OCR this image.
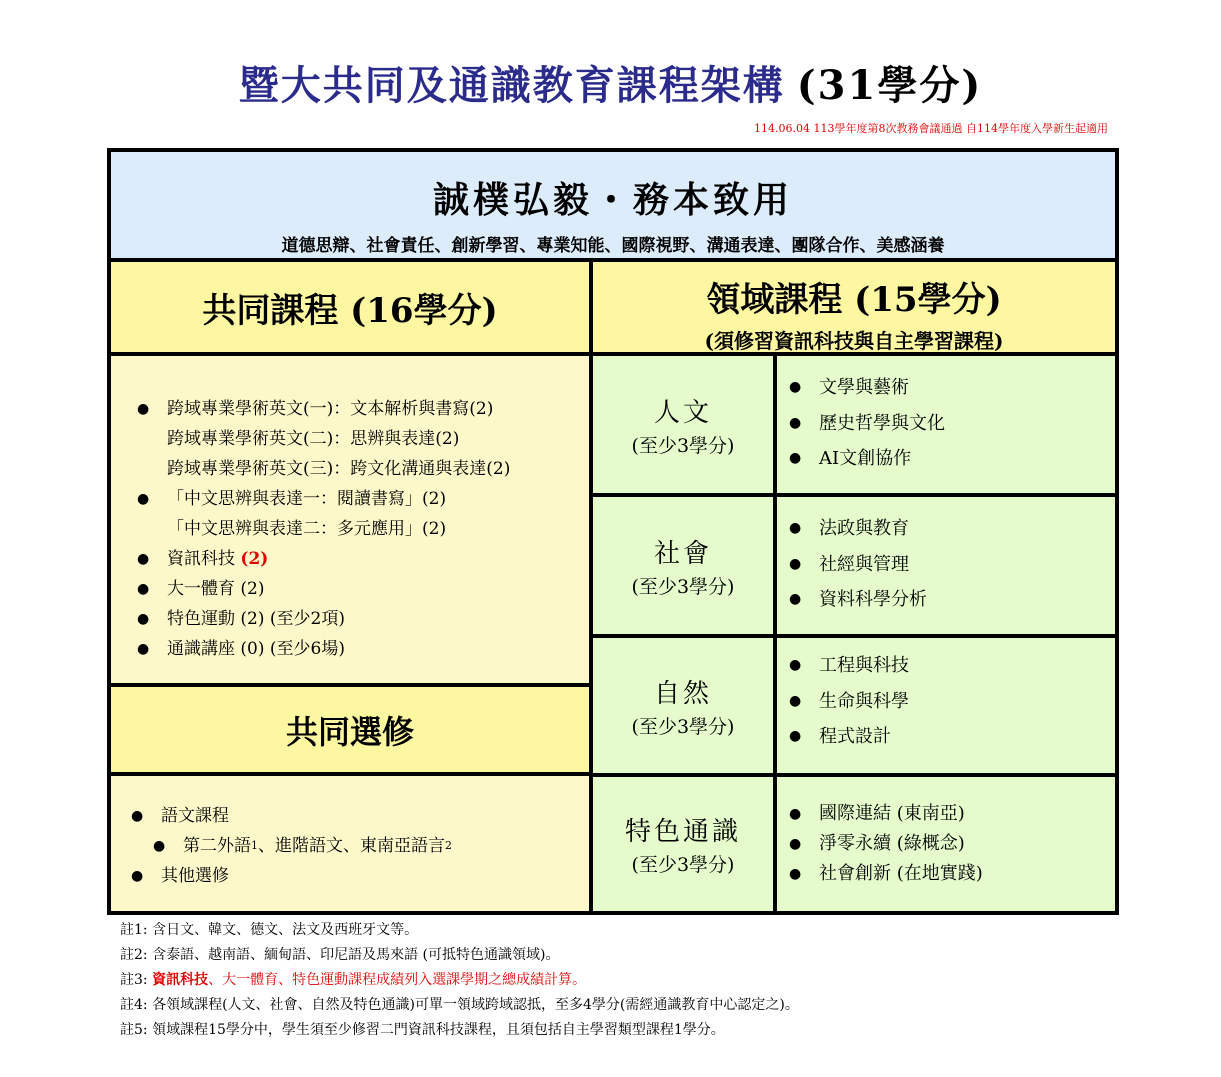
暨大共同及通識教育課程架構 (31學分)
114.06.04 113學年度第8次教務會議通過 自114學年度入學新生起適用
誠樸弘毅・務本致用
道德思辯、社會責任、創新學習、專業知能、國際視野、溝通表達、團隊合作、美感涵養
共同課程 (16學分)	領域課程 (15學分)
(須修習資訊科技與自主學習課程)
●	跨域專業學術英文(一)：文本解析與書寫(2)
跨域專業學術英文(二)：思辨與表達(2)
跨域專業學術英文(三)：跨文化溝通與表達(2)
●	「中文思辨與表達一：閱讀書寫」(2)
「中文思辨與表達二：多元應用」(2)
●	資訊科技
(2)
●	大一體育 (2)
●	特色運動 (2) (至少2項)
●	通識講座 (0) (至少6場)
共同選修
●	語文課程
●	第二外語 1 、進階語文、東南亞語言 2
●	其他選修
人文
(至少3學分)
● 文學與藝術
● 歷史哲學與文化
● AI文創協作
社會
(至少3學分)
● 法政與教育
● 社經與管理
● 資料科學分析
自然
(至少3學分)
● 工程與科技
● 生命與科學
● 程式設計
特色通識
(至少3學分)
● 國際連結 (東南亞)
● 淨零永續 (綠概念)
● 社會創新 (在地實踐)
註1: 含日文、韓文、德文、法文及西班牙文等。
註2: 含泰語、越南語、緬甸語、印尼語及馬來語 (可抵特色通識領域)。
註3: 資訊科技、大一體育、特色運動課程成績列入選課學期之總成績計算。
註4: 各領域課程(人文、社會、自然及特色通識)可單一領域跨域認抵，至多4學分(需經通識教育中心認定之)。
註5: 領域課程15學分中，學生須至少修習二門資訊科技課程，且須包括自主學習類型課程1學分。
